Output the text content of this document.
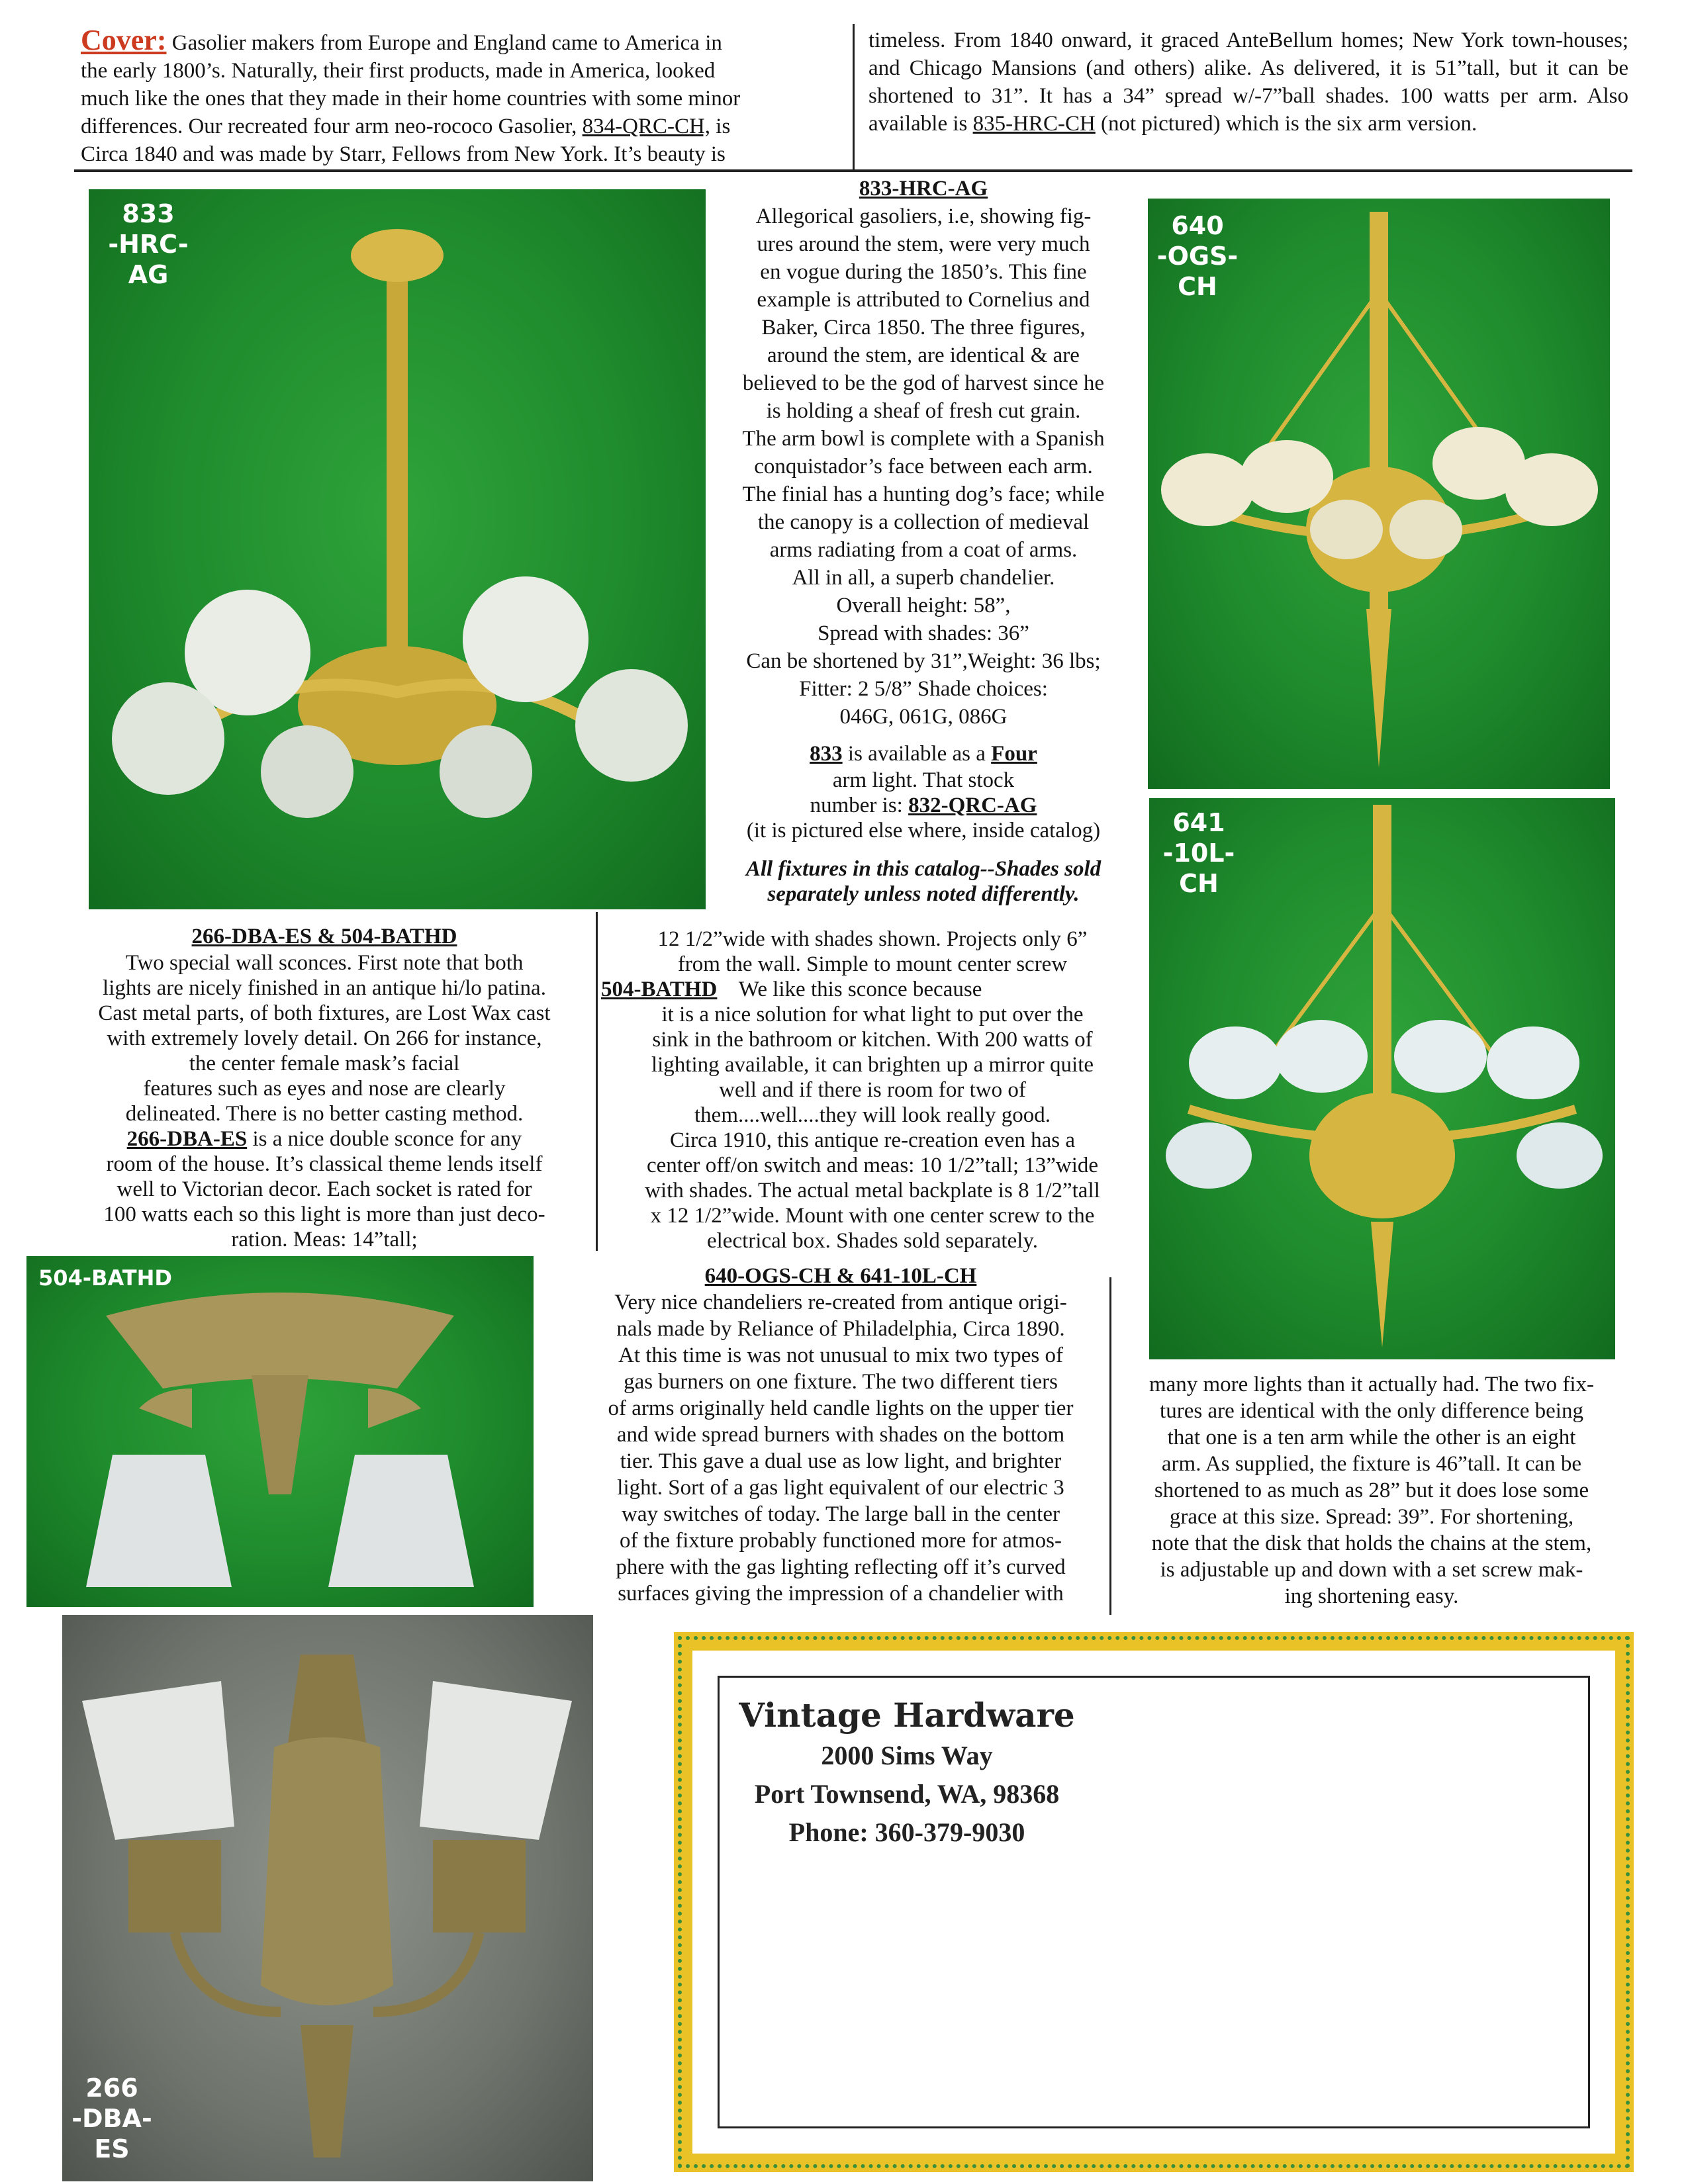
Cover: Gasolier makers from Europe and England came to America in
the early 1800’s. Naturally, their first products, made in America, looked
much like the ones that they made in their home countries with some minor
differences. Our recreated four arm neo-rococo Gasolier, 834-QRC-CH, is
Circa 1840 and was made by Starr, Fellows from New York. It’s beauty is
timeless. From 1840 onward, it graced AnteBellum homes; New York town-houses; and Chicago Mansions (and others) alike. As delivered, it is 51”tall, but it can be shortened to 31”. It has a 34” spread w/-7”ball shades. 100 watts per arm. Also available is 835-HRC-CH (not pictured) which is the six arm version.
833
-HRC-
AG
833-HRC-AG
Allegorical gasoliers, i.e, showing fig-
ures around the stem, were very much
en vogue during the 1850’s. This fine
example is attributed to Cornelius and
Baker, Circa 1850. The three figures,
around the stem, are identical & are
believed to be the god of harvest since he
is holding a sheaf of fresh cut grain.
The arm bowl is complete with a Spanish
conquistador’s face between each arm.
The finial has a hunting dog’s face; while
the canopy is a collection of medieval
arms radiating from a coat of arms.
All in all, a superb chandelier.
Overall height: 58”,
Spread with shades: 36”
Can be shortened by 31”,Weight: 36 lbs;
Fitter: 2 5/8” Shade choices:
046G, 061G, 086G
833 is available as a Four
arm light. That stock
number is: 832-QRC-AG
(it is pictured else where, inside catalog)
All fixtures in this catalog--Shades sold
separately unless noted differently.
640
-OGS-
CH
641
-10L-
CH
266-DBA-ES & 504-BATHD
Two special wall sconces. First note that both
lights are nicely finished in an antique hi/lo patina.
Cast metal parts, of both fixtures, are Lost Wax cast
with extremely lovely detail. On 266 for instance,
the center female mask’s facial
features such as eyes and nose are clearly
delineated. There is no better casting method.
266-DBA-ES is a nice double sconce for any
room of the house. It’s classical theme lends itself
well to Victorian decor. Each socket is rated for
100 watts each so this light is more than just deco-
ration. Meas: 14”tall;
12 1/2”wide with shades shown. Projects only 6”
from the wall. Simple to mount center screw
504-BATHD    We like this sconce because
it is a nice solution for what light to put over the
sink in the bathroom or kitchen. With 200 watts of
lighting available, it can brighten up a mirror quite
well and if there is room for two of
them....well....they will look really good.
Circa 1910, this antique re-creation even has a
center off/on switch and meas: 10 1/2”tall; 13”wide
with shades. The actual metal backplate is 8 1/2”tall
x 12 1/2”wide. Mount with one center screw to the
electrical box. Shades sold separately.
504-BATHD
266
-DBA-
ES
640-OGS-CH & 641-10L-CH
Very nice chandeliers re-created from antique origi-
nals made by Reliance of Philadelphia, Circa 1890.
At this time is was not unusual to mix two types of
gas burners on one fixture. The two different tiers
of arms originally held candle lights on the upper tier
and wide spread burners with shades on the bottom
tier. This gave a dual use as low light, and brighter
light. Sort of a gas light equivalent of our electric 3
way switches of today. The large ball in the center
of the fixture probably functioned more for atmos-
phere with the gas lighting reflecting off it’s curved
surfaces giving the impression of a chandelier with
many more lights than it actually had. The two fix-
tures are identical with the only difference being
that one is a ten arm while the other is an eight
arm. As supplied, the fixture is 46”tall. It can be
shortened to as much as 28” but it does lose some
grace at this size. Spread: 39”. For shortening,
note that the disk that holds the chains at the stem,
is adjustable up and down with a set screw mak-
ing shortening easy.
Vintage Hardware
2000 Sims Way
Port Townsend, WA, 98368
Phone: 360-379-9030
